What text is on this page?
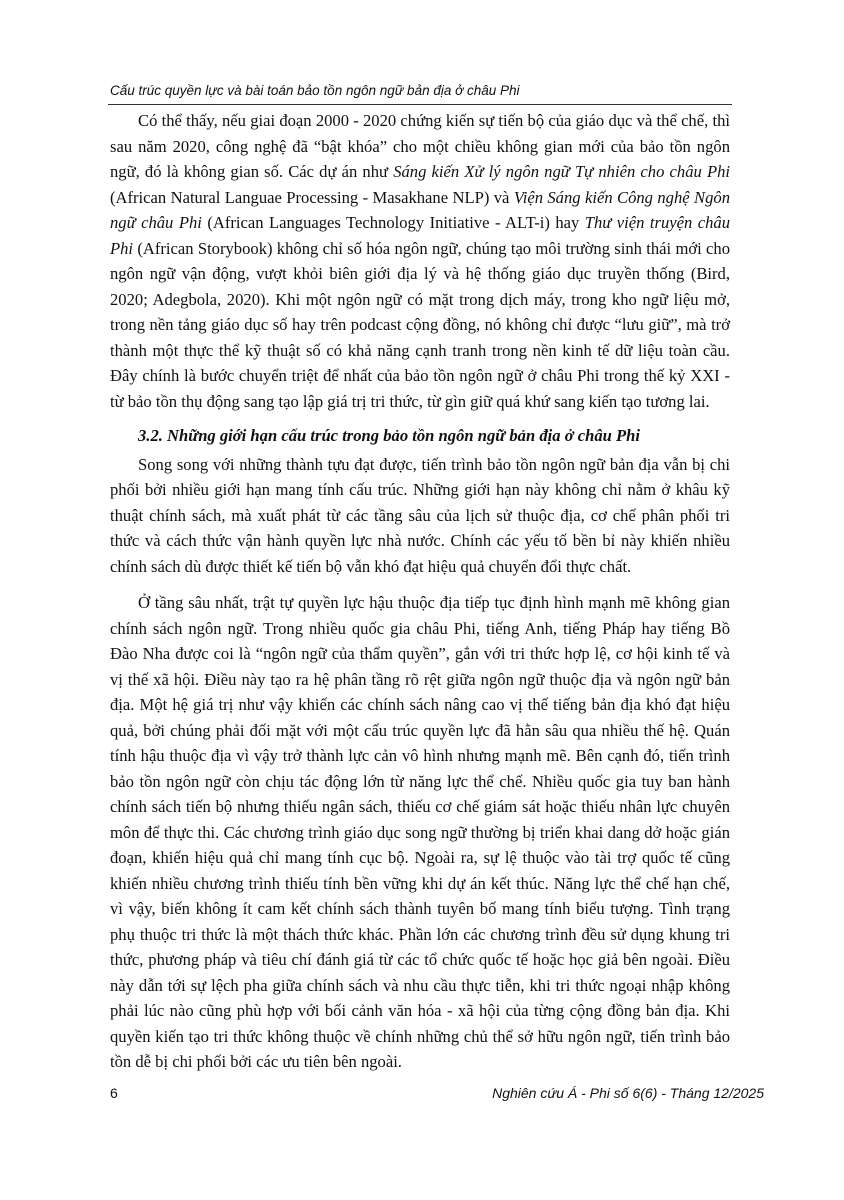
Cấu trúc quyền lực và bài toán bảo tồn ngôn ngữ bản địa ở châu Phi

Có thể thấy, nếu giai đoạn 2000 - 2020 chứng kiến sự tiến bộ của giáo dục và thể chế, thì sau năm 2020, công nghệ đã “bật khóa” cho một chiều không gian mới của bảo tồn ngôn ngữ, đó là không gian số. Các dự án như Sáng kiến Xử lý ngôn ngữ Tự nhiên cho châu Phi (African Natural Languae Processing - Masakhane NLP) và Viện Sáng kiến Công nghệ Ngôn ngữ châu Phi (African Languages Technology Initiative - ALT-i) hay Thư viện truyện châu Phi (African Storybook) không chỉ số hóa ngôn ngữ, chúng tạo môi trường sinh thái mới cho ngôn ngữ vận động, vượt khỏi biên giới địa lý và hệ thống giáo dục truyền thống (Bird, 2020; Adegbola, 2020). Khi một ngôn ngữ có mặt trong dịch máy, trong kho ngữ liệu mở, trong nền tảng giáo dục số hay trên podcast cộng đồng, nó không chỉ được “lưu giữ”, mà trở thành một thực thể kỹ thuật số có khả năng cạnh tranh trong nền kinh tế dữ liệu toàn cầu. Đây chính là bước chuyển triệt để nhất của bảo tồn ngôn ngữ ở châu Phi trong thế kỷ XXI - từ bảo tồn thụ động sang tạo lập giá trị tri thức, từ gìn giữ quá khứ sang kiến tạo tương lai.

3.2. Những giới hạn cấu trúc trong bảo tồn ngôn ngữ bản địa ở châu Phi

Song song với những thành tựu đạt được, tiến trình bảo tồn ngôn ngữ bản địa vẫn bị chi phối bởi nhiều giới hạn mang tính cấu trúc. Những giới hạn này không chỉ nằm ở khâu kỹ thuật chính sách, mà xuất phát từ các tầng sâu của lịch sử thuộc địa, cơ chế phân phối tri thức và cách thức vận hành quyền lực nhà nước. Chính các yếu tố bền bỉ này khiến nhiều chính sách dù được thiết kế tiến bộ vẫn khó đạt hiệu quả chuyển đổi thực chất.

Ở tầng sâu nhất, trật tự quyền lực hậu thuộc địa tiếp tục định hình mạnh mẽ không gian chính sách ngôn ngữ. Trong nhiều quốc gia châu Phi, tiếng Anh, tiếng Pháp hay tiếng Bồ Đào Nha được coi là “ngôn ngữ của thẩm quyền”, gắn với tri thức hợp lệ, cơ hội kinh tế và vị thế xã hội. Điều này tạo ra hệ phân tầng rõ rệt giữa ngôn ngữ thuộc địa và ngôn ngữ bản địa. Một hệ giá trị như vậy khiến các chính sách nâng cao vị thế tiếng bản địa khó đạt hiệu quả, bởi chúng phải đối mặt với một cấu trúc quyền lực đã hằn sâu qua nhiều thế hệ. Quán tính hậu thuộc địa vì vậy trở thành lực cản vô hình nhưng mạnh mẽ. Bên cạnh đó, tiến trình bảo tồn ngôn ngữ còn chịu tác động lớn từ năng lực thể chế. Nhiều quốc gia tuy ban hành chính sách tiến bộ nhưng thiếu ngân sách, thiếu cơ chế giám sát hoặc thiếu nhân lực chuyên môn để thực thi. Các chương trình giáo dục song ngữ thường bị triển khai dang dở hoặc gián đoạn, khiến hiệu quả chỉ mang tính cục bộ. Ngoài ra, sự lệ thuộc vào tài trợ quốc tế cũng khiến nhiều chương trình thiếu tính bền vững khi dự án kết thúc. Năng lực thể chế hạn chế, vì vậy, biến không ít cam kết chính sách thành tuyên bố mang tính biểu tượng. Tình trạng phụ thuộc tri thức là một thách thức khác. Phần lớn các chương trình đều sử dụng khung tri thức, phương pháp và tiêu chí đánh giá từ các tổ chức quốc tế hoặc học giả bên ngoài. Điều này dẫn tới sự lệch pha giữa chính sách và nhu cầu thực tiễn, khi tri thức ngoại nhập không phải lúc nào cũng phù hợp với bối cảnh văn hóa - xã hội của từng cộng đồng bản địa. Khi quyền kiến tạo tri thức không thuộc về chính những chủ thể sở hữu ngôn ngữ, tiến trình bảo tồn dễ bị chi phối bởi các ưu tiên bên ngoài.

6	Nghiên cứu Á - Phi số 6(6) - Tháng 12/2025
